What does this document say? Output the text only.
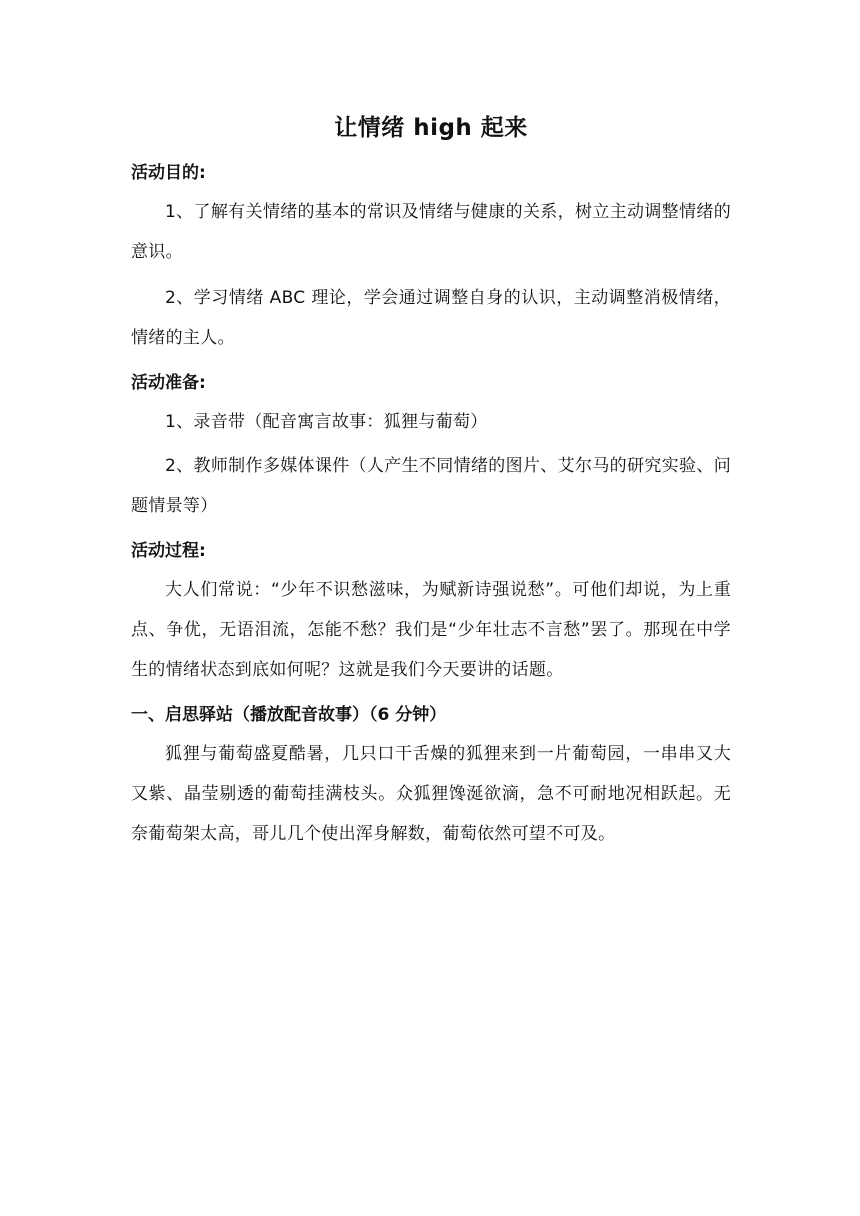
让情绪 high 起来
活动目的:

1、了解有关情绪的基本的常识及情绪与健康的关系，树立主动调整情绪的意识。

2、学习情绪 ABC 理论，学会通过调整自身的认识，主动调整消极情绪，情绪的主人。

活动准备:

1、录音带（配音寓言故事：狐狸与葡萄）

2、教师制作多媒体课件（人产生不同情绪的图片、艾尔马的研究实验、问题情景等）

活动过程:

大人们常说：“少年不识愁滋味，为赋新诗强说愁”。可他们却说，为上重点、争优，无语泪流，怎能不愁？我们是“少年壮志不言愁”罢了。那现在中学生的情绪状态到底如何呢？这就是我们今天要讲的话题。

一、启思驿站（播放配音故事）（6 分钟）

狐狸与葡萄盛夏酷暑，几只口干舌燥的狐狸来到一片葡萄园，一串串又大又紫、晶莹剔透的葡萄挂满枝头。众狐狸馋涎欲滴，急不可耐地况相跃起。无奈葡萄架太高，哥儿几个使出浑身解数，葡萄依然可望不可及。
